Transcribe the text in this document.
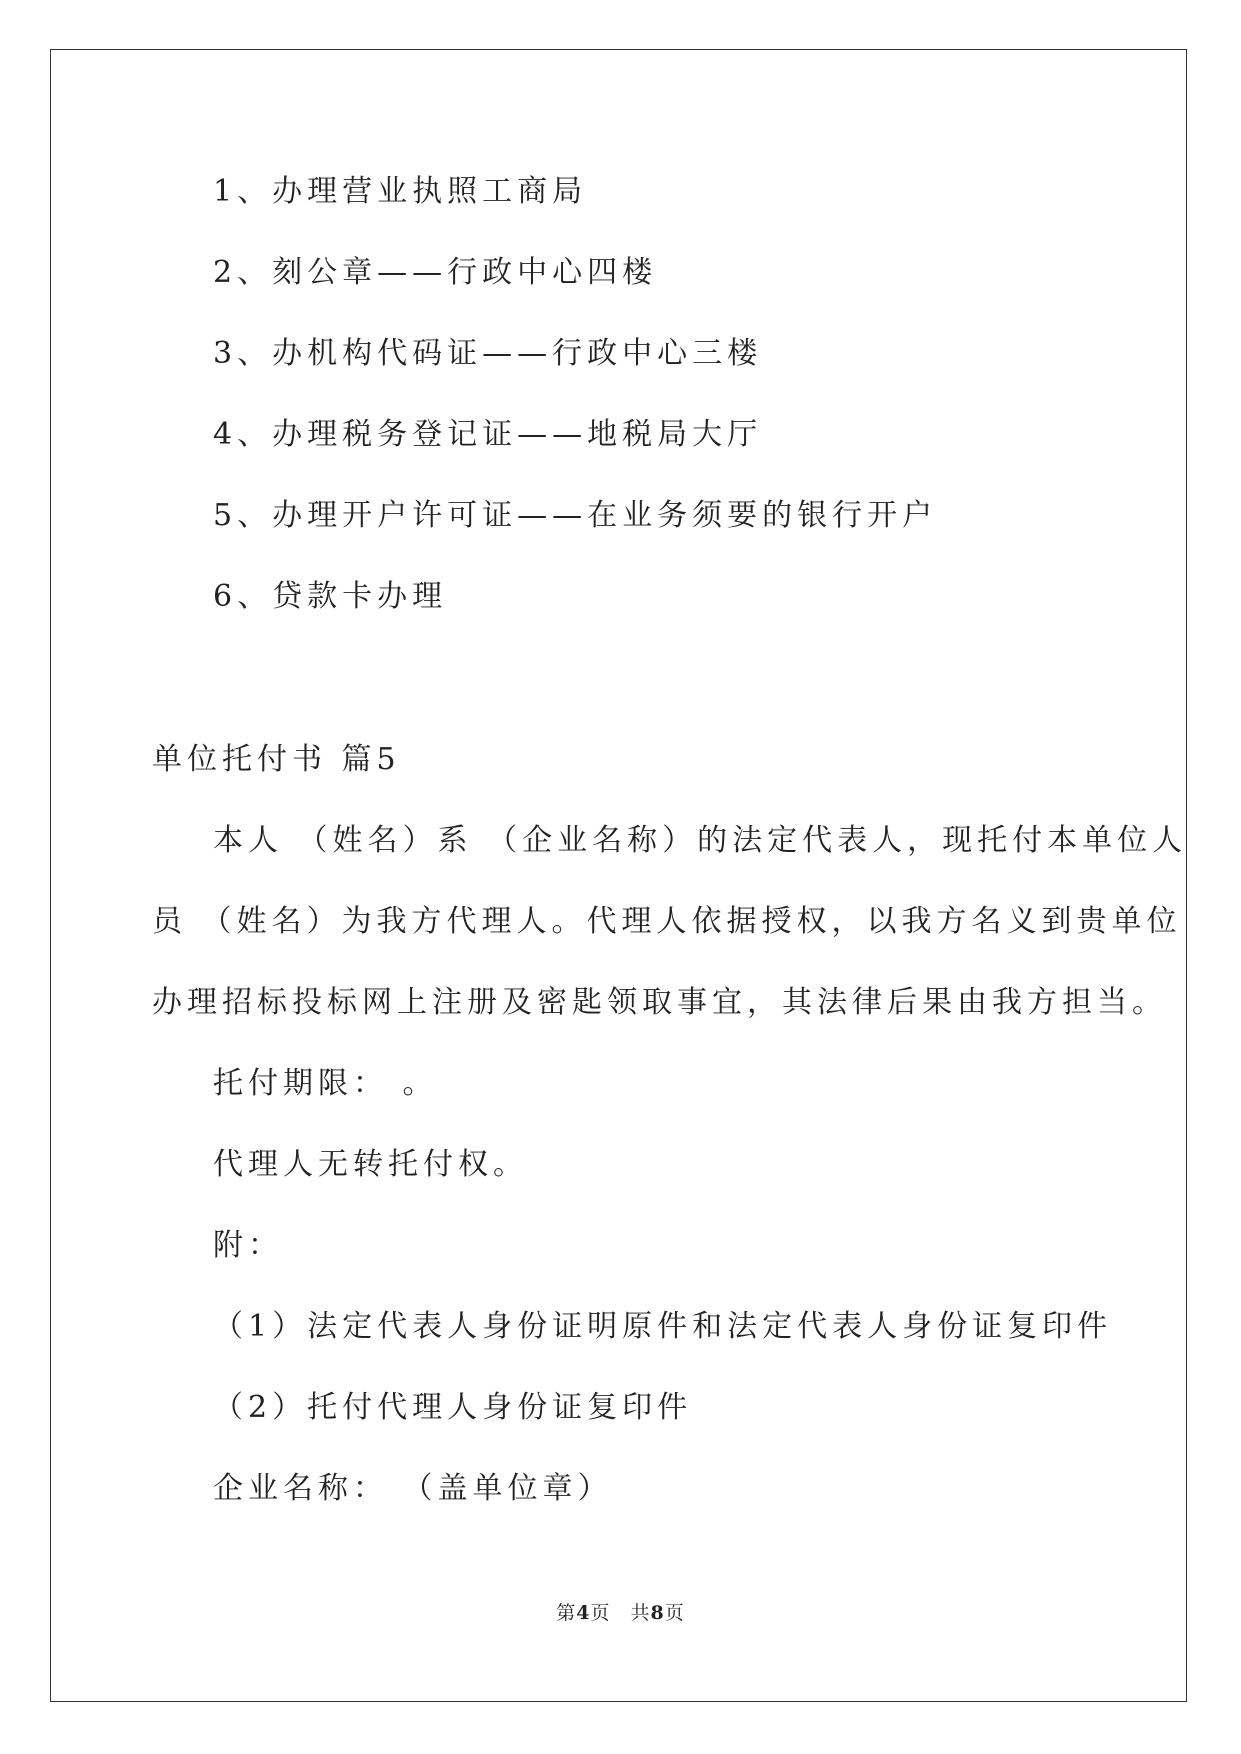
1、办理营业执照工商局
2、刻公章——行政中心四楼
3、办机构代码证——行政中心三楼
4、办理税务登记证——地税局大厅
5、办理开户许可证——在业务须要的银行开户
6、贷款卡办理
单位托付书 篇5
本人 （姓名）系 （企业名称）的法定代表人，现托付本单位人
员 （姓名）为我方代理人。代理人依据授权，以我方名义到贵单位
办理招标投标网上注册及密匙领取事宜，其法律后果由我方担当。
托付期限： 。
代理人无转托付权。
附：
（1）法定代表人身份证明原件和法定代表人身份证复印件
（2）托付代理人身份证复印件
企业名称： （盖单位章）
第4页　共8页
